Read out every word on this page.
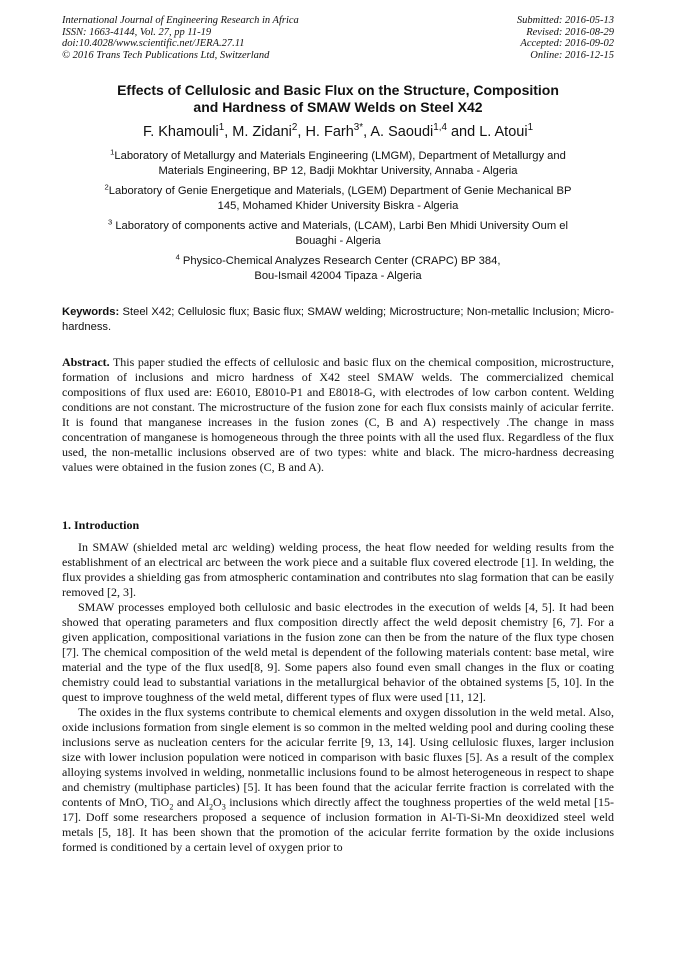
International Journal of Engineering Research in Africa
ISSN: 1663-4144, Vol. 27, pp 11-19
doi:10.4028/www.scientific.net/JERA.27.11
© 2016 Trans Tech Publications Ltd, Switzerland
Submitted: 2016-05-13
Revised: 2016-08-29
Accepted: 2016-09-02
Online: 2016-12-15
Effects of Cellulosic and Basic Flux on the Structure, Composition
and Hardness of SMAW Welds on Steel X42
F. Khamouli$^1$, M. Zidani$^2$, H. Farh$^{3*}$, A. Saoudi$^{1,4}$ and L. Atoui$^1$
$^1$Laboratory of Metallurgy and Materials Engineering (LMGM), Department of Metallurgy and
Materials Engineering, BP 12, Badji Mokhtar University, Annaba - Algeria
$^2$Laboratory of Genie Energetique and Materials, (LGEM) Department of Genie Mechanical BP
145, Mohamed Khider University Biskra - Algeria
$^3$ Laboratory of components active and Materials, (LCAM), Larbi Ben Mhidi University Oum el
Bouaghi - Algeria
$^4$ Physico-Chemical Analyzes Research Center (CRAPC) BP 384,
Bou-Ismail 42004 Tipaza - Algeria
Keywords: Steel X42; Cellulosic flux; Basic flux; SMAW welding; Microstructure; Non-metallic Inclusion; Micro-hardness.
Abstract. This paper studied the effects of cellulosic and basic flux on the chemical composition, microstructure, formation of inclusions and micro hardness of X42 steel SMAW welds. The commercialized chemical compositions of flux used are: E6010, E8010-P1 and E8018-G, with electrodes of low carbon content. Welding conditions are not constant. The microstructure of the fusion zone for each flux consists mainly of acicular ferrite. It is found that manganese increases in the fusion zones (C, B and A) respectively .The change in mass concentration of manganese is homogeneous through the three points with all the used flux. Regardless of the flux used, the non-metallic inclusions observed are of two types: white and black. The micro-hardness decreasing values were obtained in the fusion zones (C, B and A).
1. Introduction

In SMAW (shielded metal arc welding) welding process, the heat flow needed for welding results from the establishment of an electrical arc between the work piece and a suitable flux covered electrode [1]. In welding, the flux provides a shielding gas from atmospheric contamination and contributes nto slag formation that can be easily removed [2, 3].

SMAW processes employed both cellulosic and basic electrodes in the execution of welds [4, 5]. It had been showed that operating parameters and flux composition directly affect the weld deposit chemistry [6, 7]. For a given application, compositional variations in the fusion zone can then be from the nature of the flux type chosen [7]. The chemical composition of the weld metal is dependent of the following materials content: base metal, wire material and the type of the flux used[8, 9]. Some papers also found even small changes in the flux or coating chemistry could lead to substantial variations in the metallurgical behavior of the obtained systems [5, 10]. In the quest to improve toughness of the weld metal, different types of flux were used [11, 12].

The oxides in the flux systems contribute to chemical elements and oxygen dissolution in the weld metal. Also, oxide inclusions formation from single element is so common in the melted welding pool and during cooling these inclusions serve as nucleation centers for the acicular ferrite [9, 13, 14]. Using cellulosic fluxes, larger inclusion size with lower inclusion population were noticed in comparison with basic fluxes [5]. As a result of the complex alloying systems involved in welding, nonmetallic inclusions found to be almost heterogeneous in respect to shape and chemistry (multiphase particles) [5]. It has been found that the acicular ferrite fraction is correlated with the contents of MnO, TiO$_2$ and $Al_2O_3$ inclusions which directly affect the toughness properties of the weld metal [15-17]. Doff some researchers proposed a sequence of inclusion formation in Al-Ti-Si-Mn deoxidized steel weld metals [5, 18]. It has been shown that the promotion of the acicular ferrite formation by the oxide inclusions formed is conditioned by a certain level of oxygen prior to
